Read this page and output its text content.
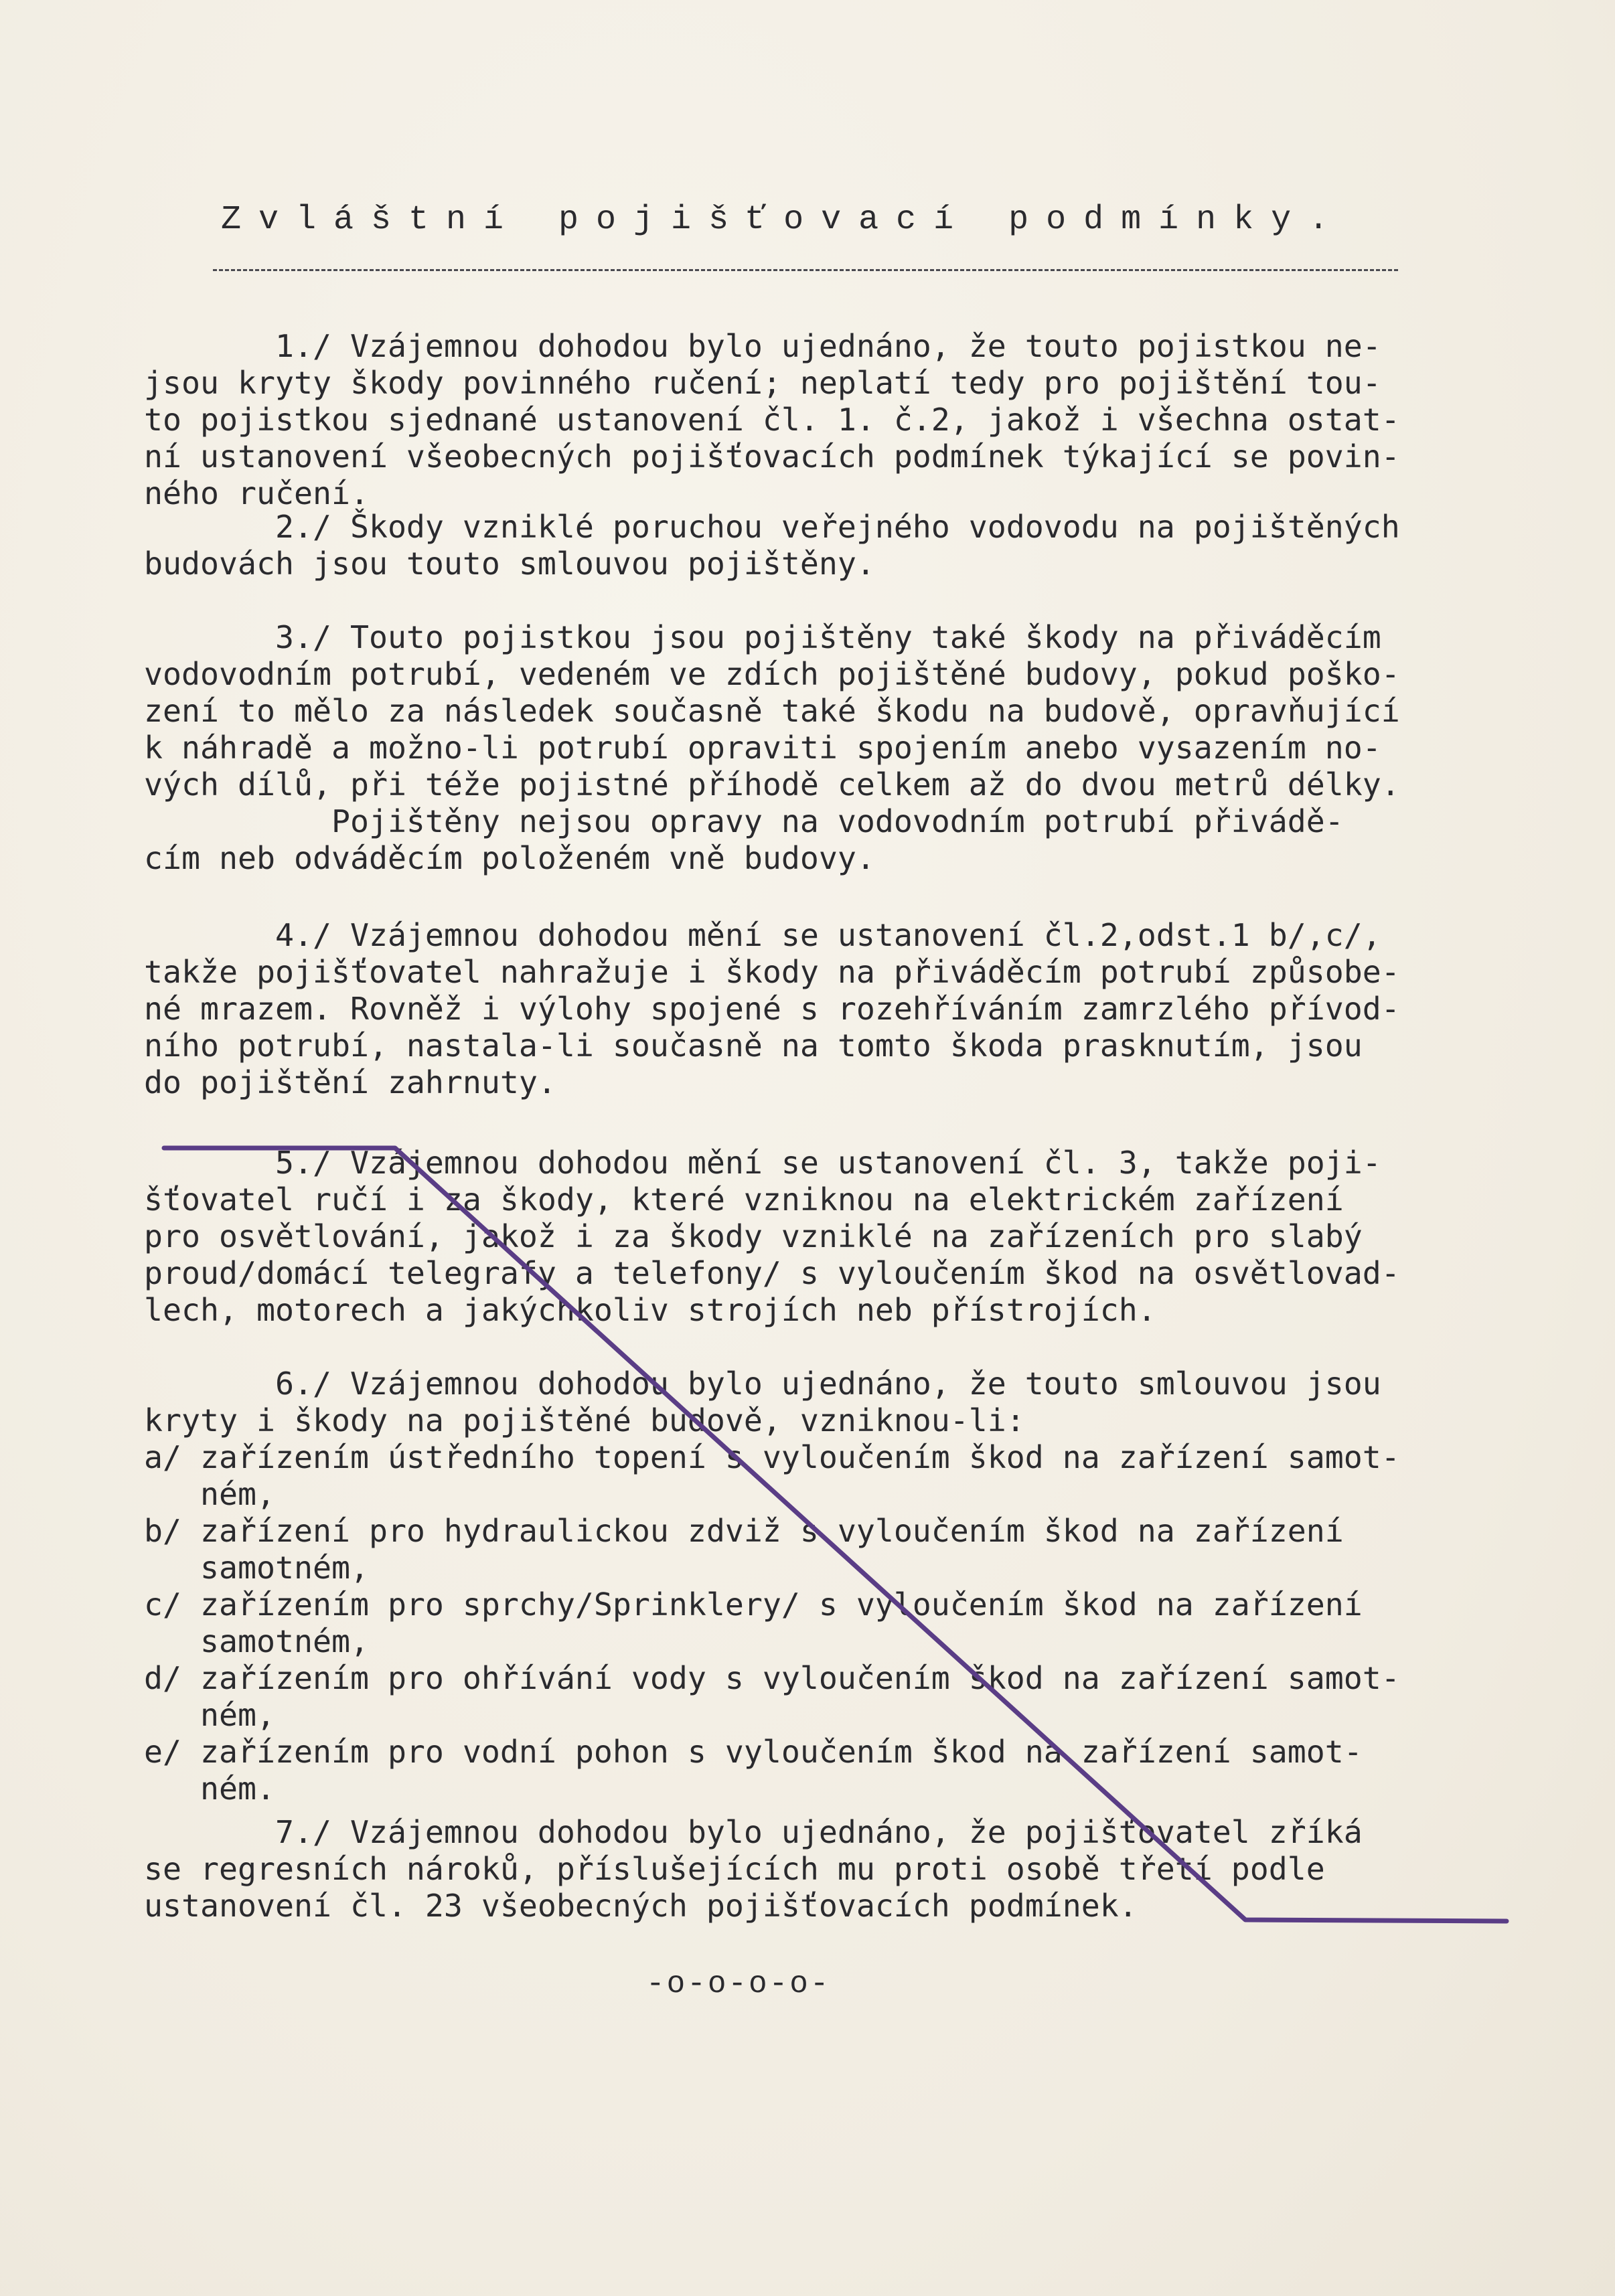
Zvláštní pojišťovací podmínky.
1./ Vzájemnou dohodou bylo ujednáno, že touto pojistkou ne-
jsou kryty škody povinného ručení; neplatí tedy pro pojištění tou-
to pojistkou sjednané ustanovení čl. 1. č.2, jakož i všechna ostat-
ní ustanovení všeobecných pojišťovacích podmínek týkající se povin-
ného ručení.
2./ Škody vzniklé poruchou veřejného vodovodu na pojištěných
budovách jsou touto smlouvou pojištěny.
3./ Touto pojistkou jsou pojištěny také škody na přiváděcím
vodovodním potrubí, vedeném ve zdích pojištěné budovy, pokud poško-
zení to mělo za následek současně také škodu na budově, opravňující
k náhradě a možno-li potrubí opraviti spojením anebo vysazením no-
vých dílů, při téže pojistné příhodě celkem až do dvou metrů délky.
Pojištěny nejsou opravy na vodovodním potrubí přivádě-
cím neb odváděcím položeném vně budovy.
4./ Vzájemnou dohodou mění se ustanovení čl.2,odst.1 b/,c/,
takže pojišťovatel nahražuje i škody na přiváděcím potrubí způsobe-
né mrazem. Rovněž i výlohy spojené s rozehříváním zamrzlého přívod-
ního potrubí, nastala-li současně na tomto škoda prasknutím, jsou
do pojištění zahrnuty.
5./ Vzájemnou dohodou mění se ustanovení čl. 3, takže poji-
šťovatel ručí i za škody, které vzniknou na elektrickém zařízení
pro osvětlování, jakož i za škody vzniklé na zařízeních pro slabý
proud/domácí telegrafy a telefony/ s vyloučením škod na osvětlovad-
lech, motorech a jakýchkoliv strojích neb přístrojích.
6./ Vzájemnou dohodou bylo ujednáno, že touto smlouvou jsou
kryty i škody na pojištěné budově, vzniknou-li:
a/ zařízením ústředního topení s vyloučením škod na zařízení samot-
ném,
b/ zařízení pro hydraulickou zdviž s vyloučením škod na zařízení
samotném,
c/ zařízením pro sprchy/Sprinklery/ s vyloučením škod na zařízení
samotném,
d/ zařízením pro ohřívání vody s vyloučením škod na zařízení samot-
ném,
e/ zařízením pro vodní pohon s vyloučením škod na zařízení samot-
ném.
7./ Vzájemnou dohodou bylo ujednáno, že pojišťovatel zříká
se regresních nároků, příslušejících mu proti osobě třetí podle
ustanovení čl. 23 všeobecných pojišťovacích podmínek.
-o-o-o-o-
